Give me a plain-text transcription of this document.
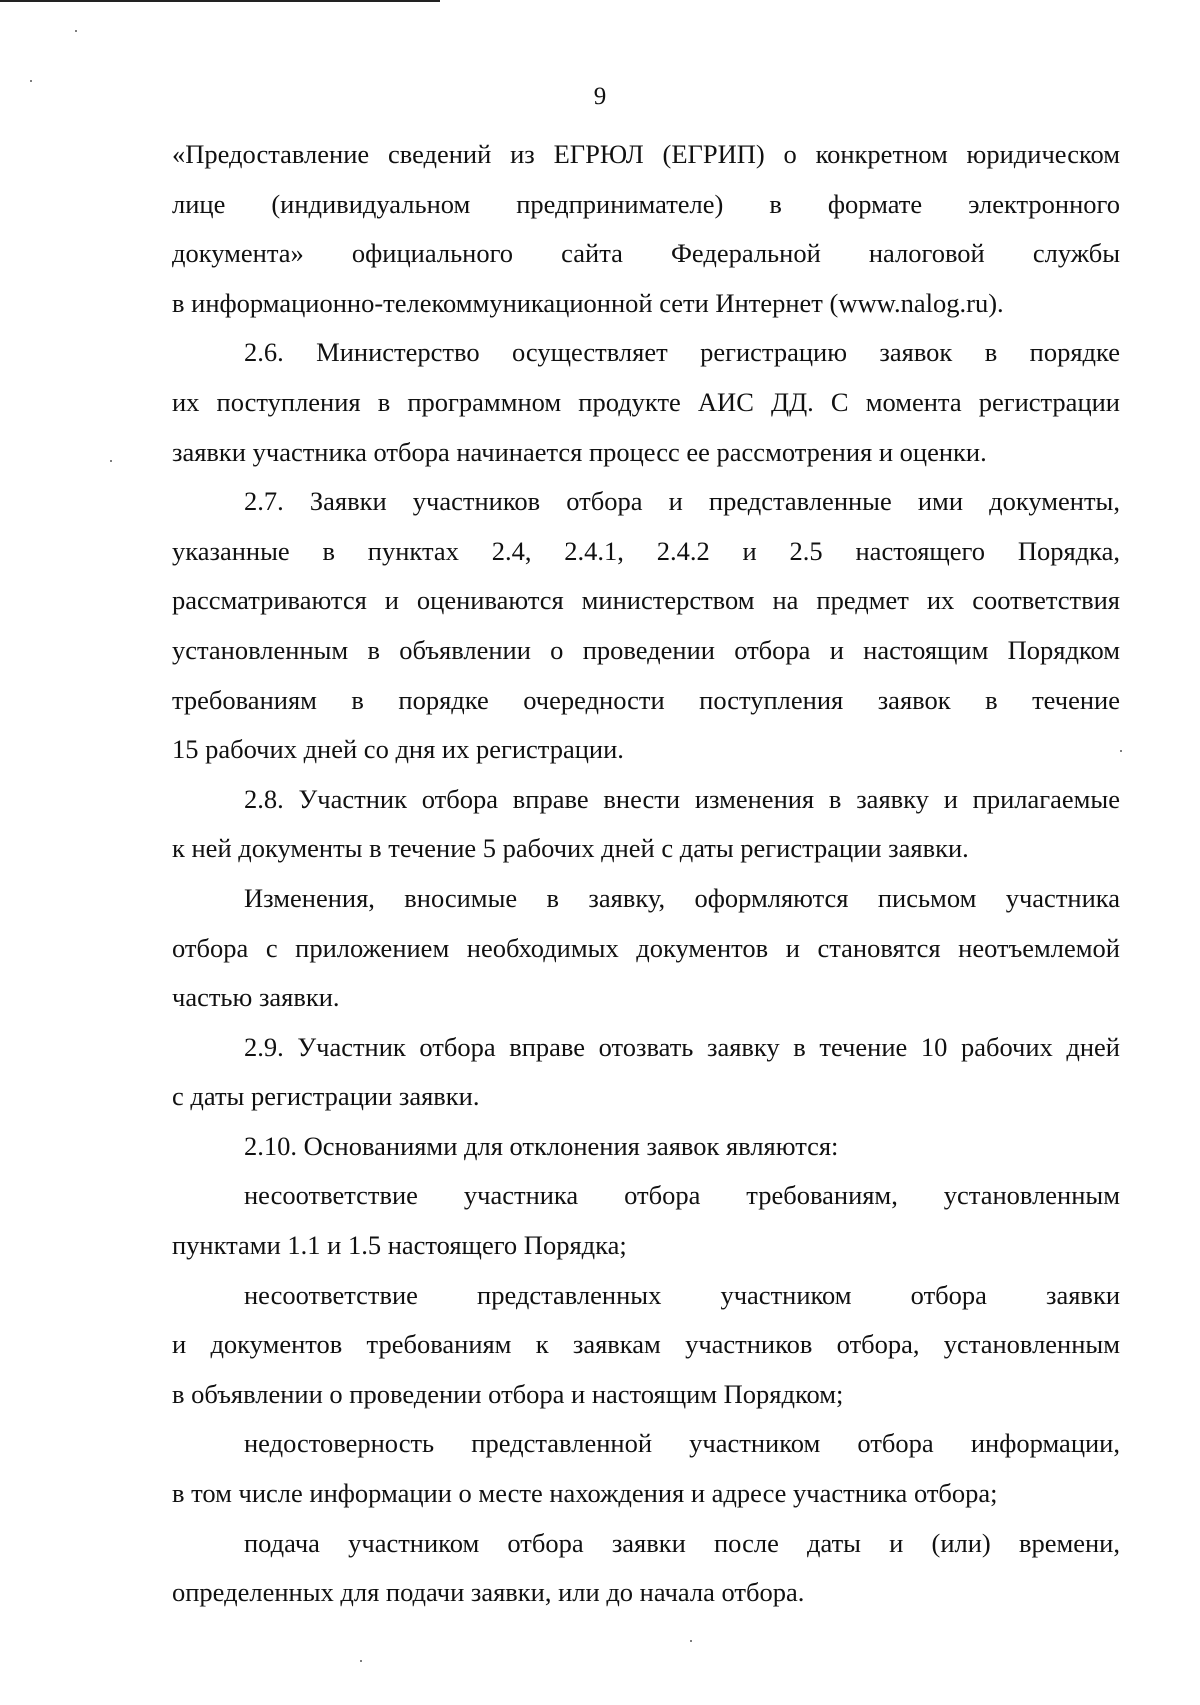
9

«Предоставление сведений из ЕГРЮЛ (ЕГРИП) о конкретном юридическом
лице (индивидуальном предпринимателе) в формате электронного
документа» официального сайта Федеральной налоговой службы
в информационно-телекоммуникационной сети Интернет (www.nalog.ru).

2.6. Министерство осуществляет регистрацию заявок в порядке
их поступления в программном продукте АИС ДД. С момента регистрации
заявки участника отбора начинается процесс ее рассмотрения и оценки.

2.7. Заявки участников отбора и представленные ими документы,
указанные в пунктах 2.4, 2.4.1, 2.4.2 и 2.5 настоящего Порядка,
рассматриваются и оцениваются министерством на предмет их соответствия
установленным в объявлении о проведении отбора и настоящим Порядком
требованиям в порядке очередности поступления заявок в течение
15 рабочих дней со дня их регистрации.

2.8. Участник отбора вправе внести изменения в заявку и прилагаемые
к ней документы в течение 5 рабочих дней с даты регистрации заявки.

Изменения, вносимые в заявку, оформляются письмом участника
отбора с приложением необходимых документов и становятся неотъемлемой
частью заявки.

2.9. Участник отбора вправе отозвать заявку в течение 10 рабочих дней
с даты регистрации заявки.

2.10. Основаниями для отклонения заявок являются:

несоответствие участника отбора требованиям, установленным
пунктами 1.1 и 1.5 настоящего Порядка;

несоответствие представленных участником отбора заявки
и документов требованиям к заявкам участников отбора, установленным
в объявлении о проведении отбора и настоящим Порядком;

недостоверность представленной участником отбора информации,
в том числе информации о месте нахождения и адресе участника отбора;

подача участником отбора заявки после даты и (или) времени,
определенных для подачи заявки, или до начала отбора.
